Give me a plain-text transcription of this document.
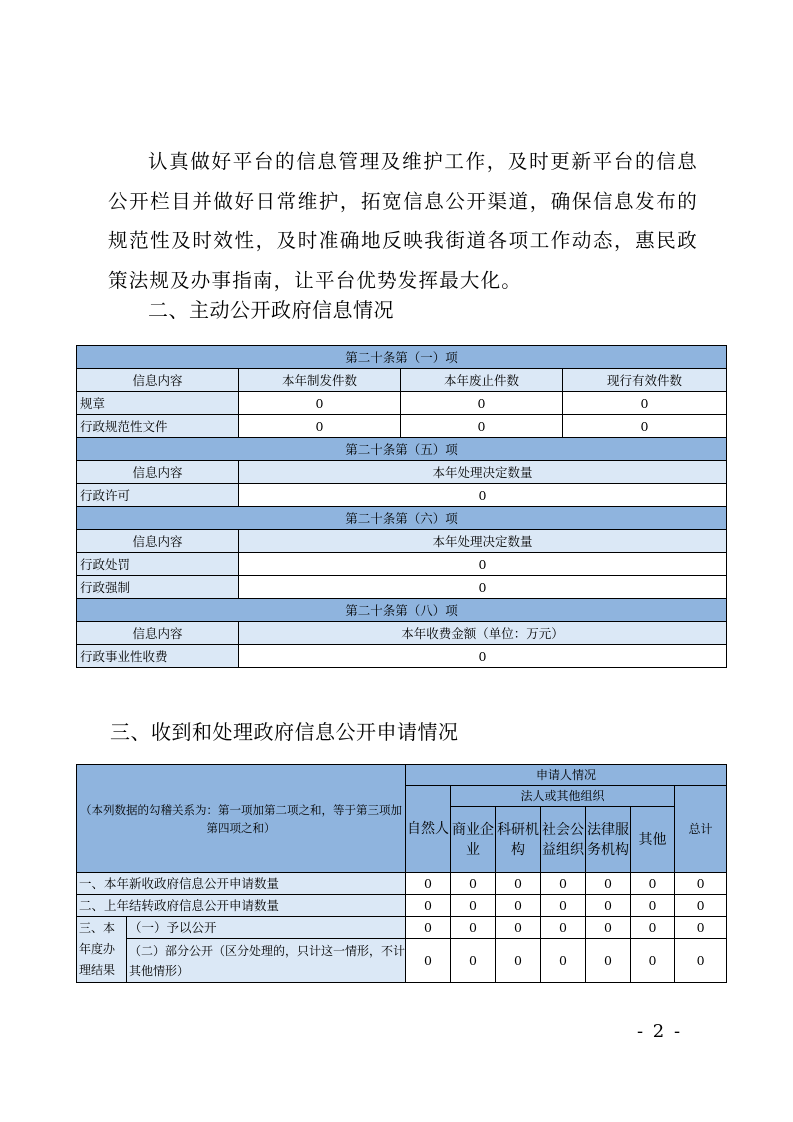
认真做好平台的信息管理及维护工作，及时更新平台的信息公开栏目并做好日常维护，拓宽信息公开渠道，确保信息发布的规范性及时效性，及时准确地反映我街道各项工作动态，惠民政策法规及办事指南，让平台优势发挥最大化。

二、主动公开政府信息情况
第二十条第（一）项			
信息内容	本年制发件数	本年废止件数	现行有效件数
规章	0	0	0
行政规范性文件	0	0	0
第二十条第（五）项			
信息内容	本年处理决定数量		
行政许可	0		
第二十条第（六）项			
信息内容	本年处理决定数量		
行政处罚	0		
行政强制	0		
第二十条第（八）项			
信息内容	本年收费金额（单位：万元）		
行政事业性收费	0		
三、收到和处理政府信息公开申请情况
（本列数据的勾稽关系为：第一项加第二项之和，等于第三项加第四项之和）		申请人情况						
		自然人	法人或其他组织					总计
			商业企业	科研机构	社会公益组织	法律服务机构	其他	
一、本年新收政府信息公开申请数量		0	0	0	0	0	0	0
二、上年结转政府信息公开申请数量		0	0	0	0	0	0	0
三、本年度办理结果	（一）予以公开	0	0	0	0	0	0	0
	（二）部分公开（区分处理的，只计这一情形，不计其他情形）	0	0	0	0	0	0	0
- 2 -
